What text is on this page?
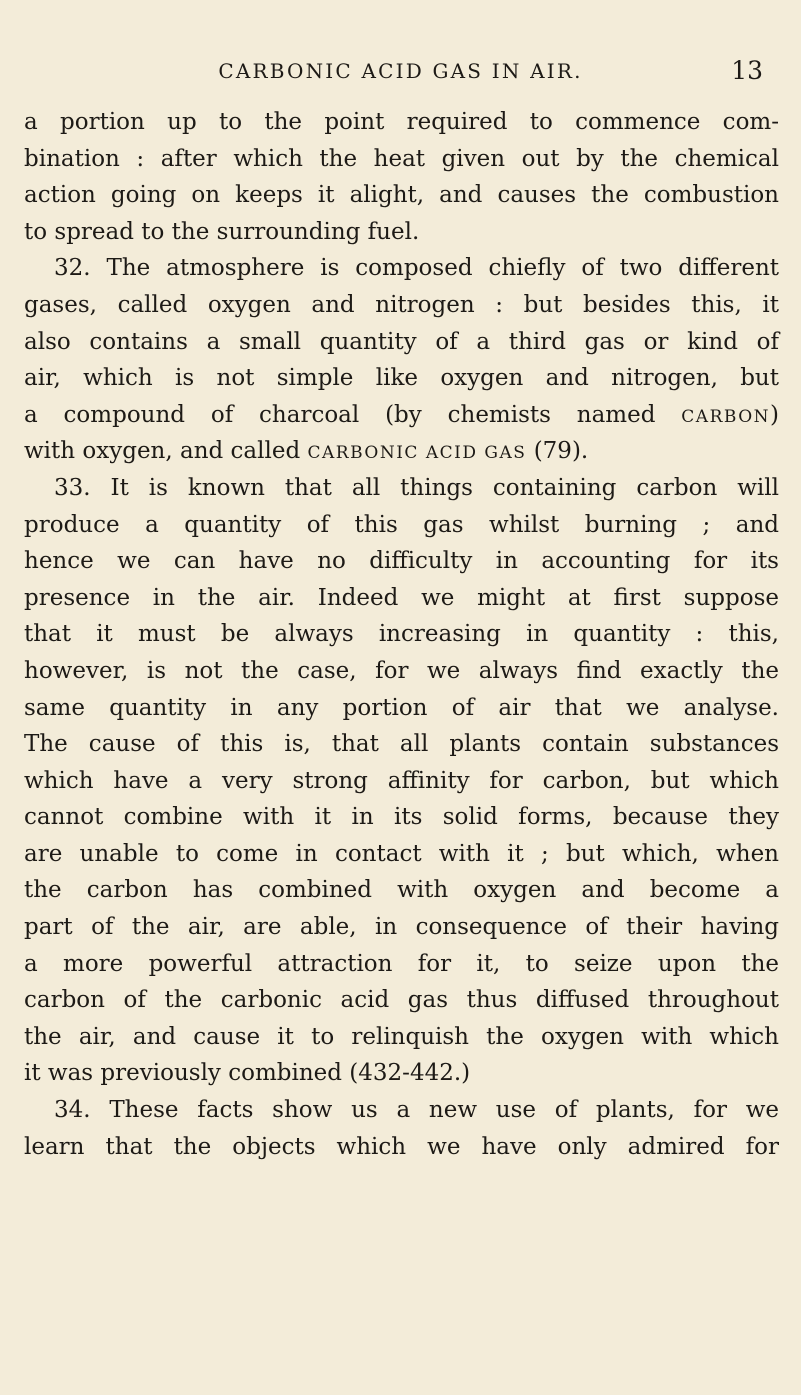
CARBONIC ACID GAS IN AIR.	13
a portion up to the point required to commence com-
bination : after which the heat given out by the chemical
action going on keeps it alight, and causes the combustion
to spread to the surrounding fuel.
32. The atmosphere is composed chiefly of two different
gases, called oxygen and nitrogen : but besides this, it
also contains a small quantity of a third gas or kind of
air, which is not simple like oxygen and nitrogen, but
a compound of charcoal (by chemists named CARBON)
with oxygen, and called CARBONIC ACID GAS (79).
33. It is known that all things containing carbon will
produce a quantity of this gas whilst burning ; and
hence we can have no difficulty in accounting for its
presence in the air. Indeed we might at first suppose
that it must be always increasing in quantity : this,
however, is not the case, for we always find exactly the
same quantity in any portion of air that we analyse.
The cause of this is, that all plants contain substances
which have a very strong affinity for carbon, but which
cannot combine with it in its solid forms, because they
are unable to come in contact with it ; but which, when
the carbon has combined with oxygen and become a
part of the air, are able, in consequence of their having
a more powerful attraction for it, to seize upon the
carbon of the carbonic acid gas thus diffused throughout
the air, and cause it to relinquish the oxygen with which
it was previously combined (432-442.)
34. These facts show us a new use of plants, for we
learn that the objects which we have only admired for
